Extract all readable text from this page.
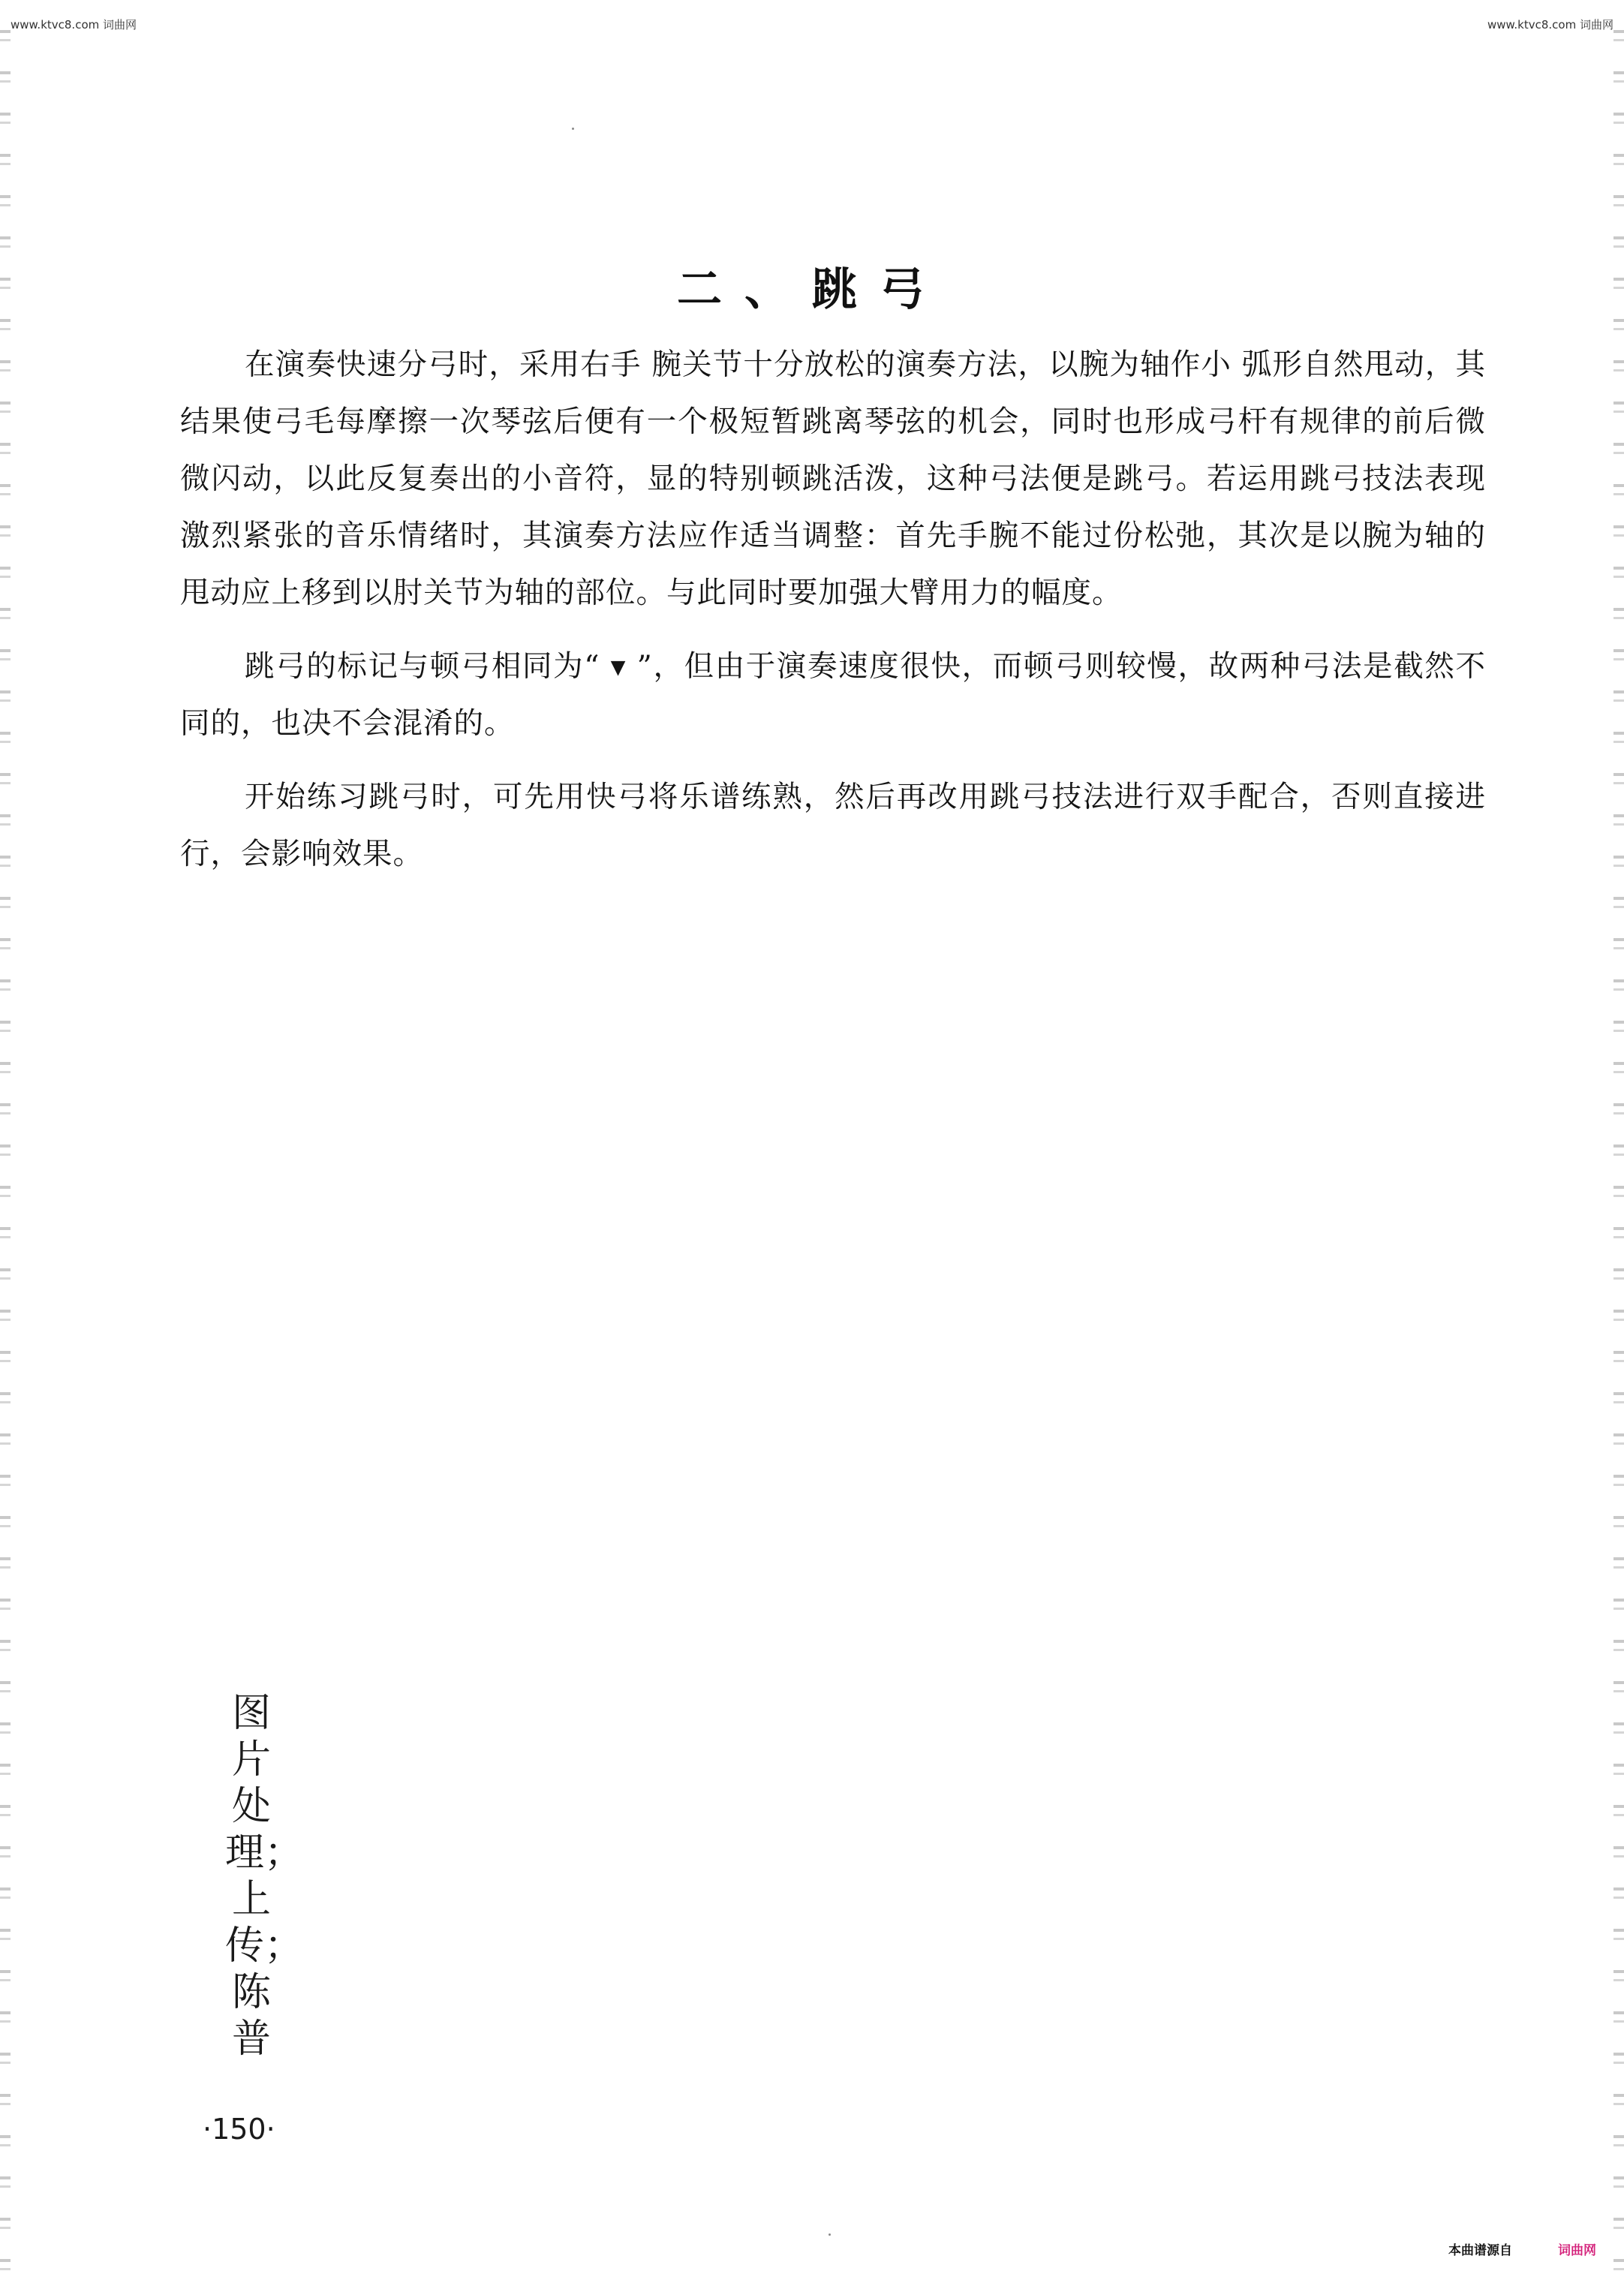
www.ktvc8.com 词曲网	www.ktvc8.com 词曲网
二、跳弓

在演奏快速分弓时，采用右手 腕关节十分放松的演奏方法，以腕为轴作小 弧形自然甩动，其结果使弓毛每摩擦一次琴弦后便有一个极短暂跳离琴弦的机会，同时也形成弓杆有规律的前后微微闪动，以此反复奏出的小音符，显的特别顿跳活泼，这种弓法便是跳弓。若运用跳弓技法表现激烈紧张的音乐情绪时，其演奏方法应作适当调整：首先手腕不能过份松弛，其次是以腕为轴的甩动应上移到以肘关节为轴的部位。与此同时要加强大臂用力的幅度。

跳弓的标记与顿弓相同为“ ▾ ”，但由于演奏速度很快，而顿弓则较慢，故两种弓法是截然不同的，也决不会混淆的。

开始练习跳弓时，可先用快弓将乐谱练熟，然后再改用跳弓技法进行双手配合，否则直接进行，会影响效果。

图片处理；上传；陈普
·150·
本曲谱源自	词曲网
